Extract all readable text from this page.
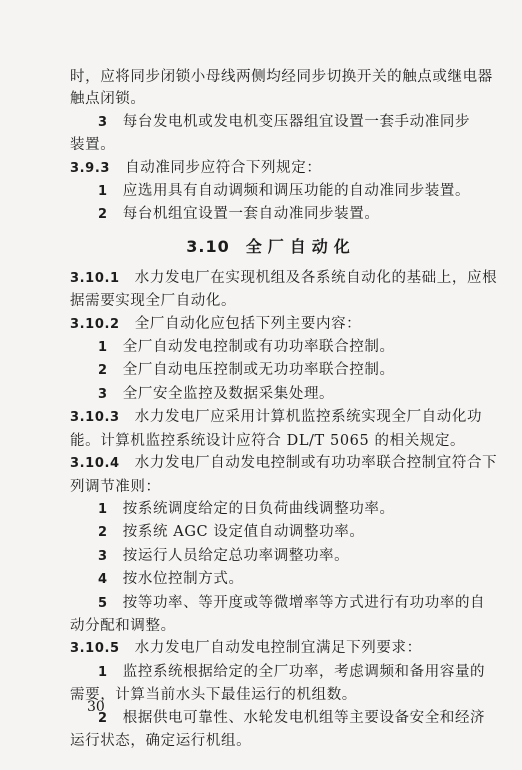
时，应将同步闭锁小母线两侧均经同步切换开关的触点或继电器
触点闭锁。
3　每台发电机或发电机变压器组宜设置一套手动准同步
装置。
3.9.3　自动准同步应符合下列规定：
1　应选用具有自动调频和调压功能的自动准同步装置。
2　每台机组宜设置一套自动准同步装置。
3.10 全厂自动化
3.10.1　水力发电厂在实现机组及各系统自动化的基础上，应根
据需要实现全厂自动化。
3.10.2　全厂自动化应包括下列主要内容：
1　全厂自动发电控制或有功功率联合控制。
2　全厂自动电压控制或无功功率联合控制。
3　全厂安全监控及数据采集处理。
3.10.3　水力发电厂应采用计算机监控系统实现全厂自动化功
能。计算机监控系统设计应符合 DL/T 5065 的相关规定。
3.10.4　水力发电厂自动发电控制或有功功率联合控制宜符合下
列调节准则：
1　按系统调度给定的日负荷曲线调整功率。
2　按系统 AGC 设定值自动调整功率。
3　按运行人员给定总功率调整功率。
4　按水位控制方式。
5　按等功率、等开度或等微增率等方式进行有功功率的自
动分配和调整。
3.10.5　水力发电厂自动发电控制宜满足下列要求：
1　监控系统根据给定的全厂功率，考虑调频和备用容量的
需要，计算当前水头下最佳运行的机组数。
2　根据供电可靠性、水轮发电机组等主要设备安全和经济
运行状态，确定运行机组。
30
